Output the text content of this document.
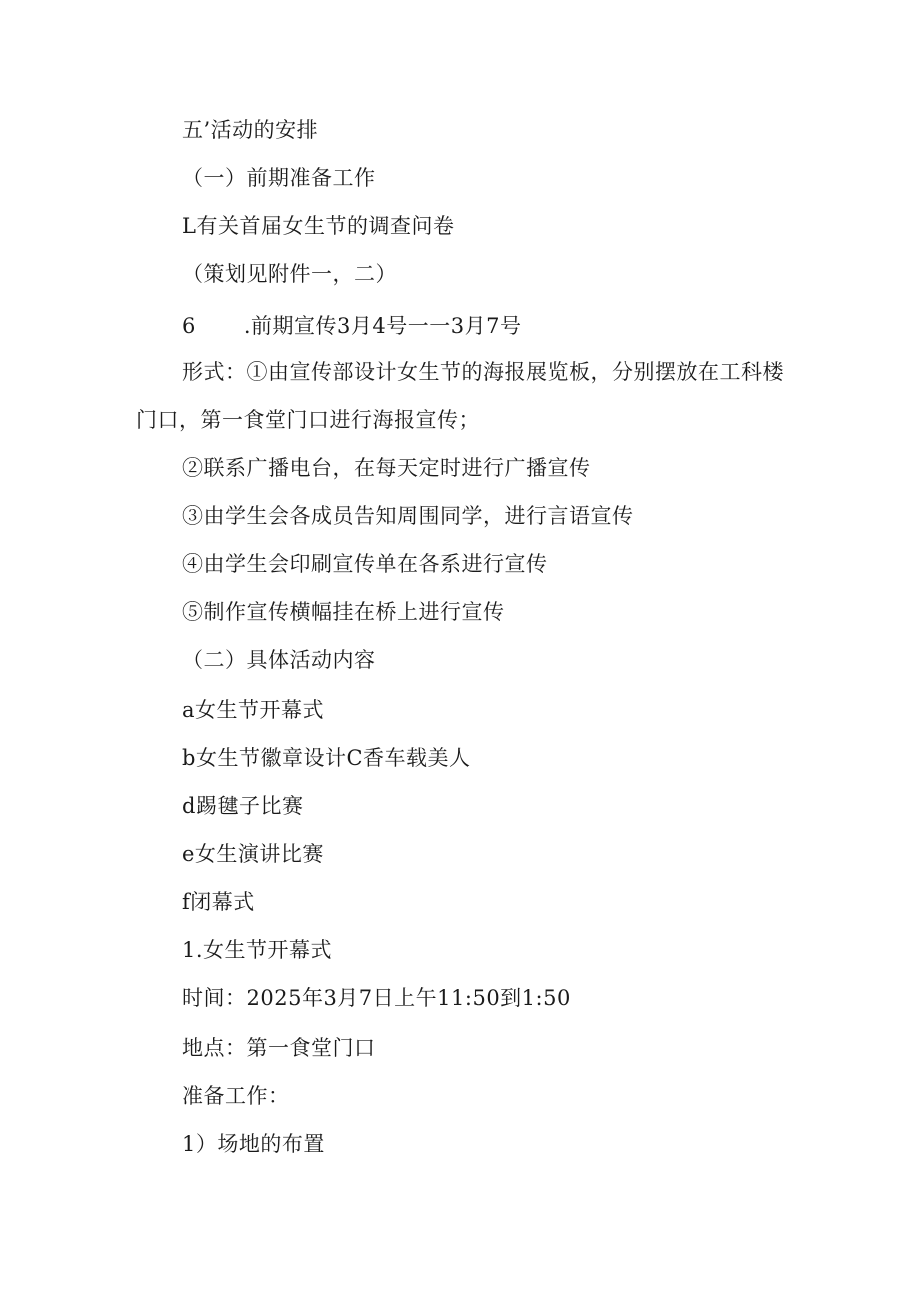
五’活动的安排
（一）前期准备工作
L有关首届女生节的调查问卷
（策划见附件一，二）
6 .前期宣传3月4号一一3月7号
形式：①由宣传部设计女生节的海报展览板，分别摆放在工科楼
门口，第一食堂门口进行海报宣传；
②联系广播电台，在每天定时进行广播宣传
③由学生会各成员告知周围同学，进行言语宣传
④由学生会印刷宣传单在各系进行宣传
⑤制作宣传横幅挂在桥上进行宣传
（二）具体活动内容
a女生节开幕式
b女生节徽章设计C香车载美人
d踢毽子比赛
e女生演讲比赛
f闭幕式
1.女生节开幕式
时间：2025年3月7日上午11:50到1:50
地点：第一食堂门口
准备工作：
1）场地的布置
